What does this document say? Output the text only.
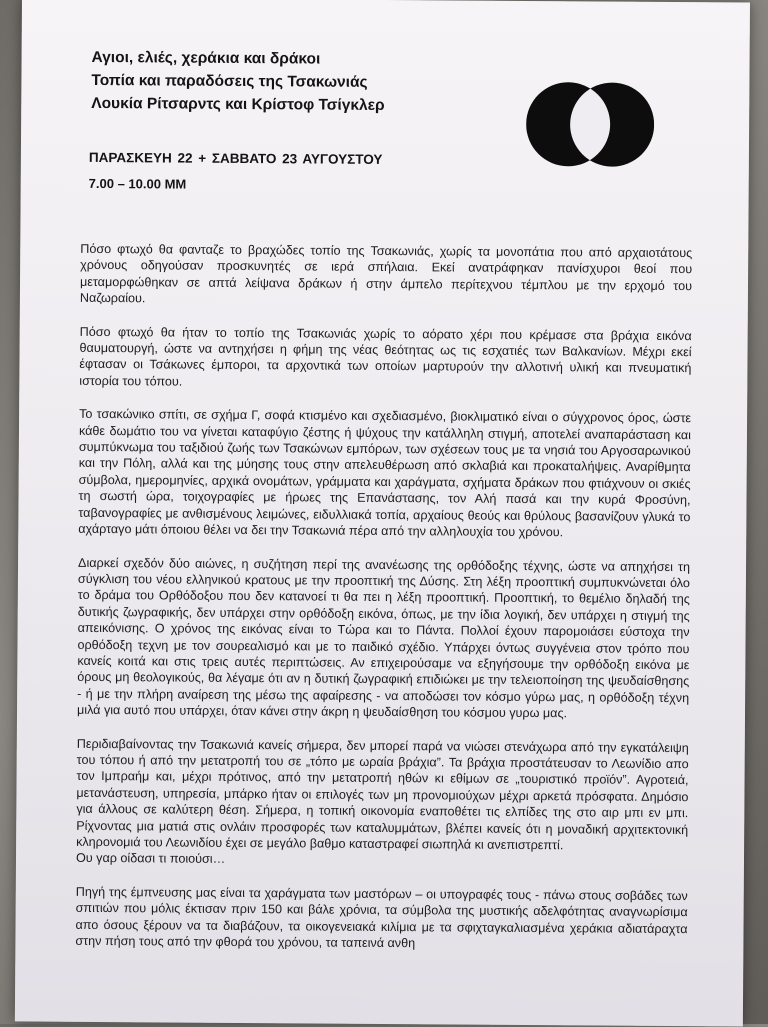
Αγιοι, ελιές, χεράκια και δράκοι
Τοπία και παραδόσεις της Τσακωνιάς
Λουκία Ρίτσαρντς και Κρίστοφ Τσίγκλερ
ΠΑΡΑΣΚΕΥΗ 22 + ΣΑΒΒΑΤΟ 23 ΑΥΓΟΥΣΤΟΥ
7.00 – 10.00 ΜΜ

Πόσο φτωχό θα φανταζε το βραχώδες τοπίο της Τσακωνιάς, χωρίς τα μονοπάτια που από αρχαιοτάτους χρόνους οδηγούσαν προσκυνητές σε ιερά σπήλαια. Εκεί ανατράφηκαν πανίσχυροι θεοί που μεταμορφώθηκαν σε απτά λείψανα δράκων ή στην άμπελο περίτεχνου τέμπλου με την ερχομό του Ναζωραίου.

Πόσο φτωχό θα ήταν το τοπίο της Τσακωνιάς χωρίς το αόρατο χέρι που κρέμασε στα βράχια εικόνα θαυματουργή, ώστε να αντηχήσει η φήμη της νέας θεότητας ως τις εσχατιές των Βαλκανίων. Μέχρι εκεί έφτασαν οι Τσάκωνες έμποροι, τα αρχοντικά των οποίων μαρτυρούν την αλλοτινή υλική και πνευματική ιστορία του τόπου.

Το τσακώνικο σπίτι, σε σχήμα Γ, σοφά κτισμένο και σχεδιασμένο, βιοκλιματικό είναι ο σύγχρονος όρος, ώστε κάθε δωμάτιο του να γίνεται καταφύγιο ζέστης ή ψύχους την κατάλληλη στιγμή, αποτελεί αναπαράσταση και συμπύκνωμα του ταξιδιού ζωής των Τσακώνων εμπόρων, των σχέσεων τους με τα νησιά του Αργοσαρωνικού και την Πόλη, αλλά και της μύησης τους στην απελευθέρωση από σκλαβιά και προκαταλήψεις. Αναρίθμητα σύμβολα, ημερομηνίες, αρχικά ονομάτων, γράμματα και χαράγματα, σχήματα δράκων που φτιάχνουν οι σκιές τη σωστή ώρα, τοιχογραφίες με ήρωες της Επανάστασης, τον Αλή πασά και την κυρά Φροσύνη, ταβανογραφίες με ανθισμένους λειμώνες, ειδυλλιακά τοπία, αρχαίους θεούς και θρύλους βασανίζουν γλυκά το αχάρταγο μάτι όποιου θέλει να δει την Τσακωνιά πέρα από την αλληλουχία του χρόνου.

Διαρκεί σχεδόν δύο αιώνες, η συζήτηση περί της ανανέωσης της ορθόδοξης τέχνης, ώστε να απηχήσει τη σύγκλιση του νέου ελληνικού κρατους με την προοπτική της Δύσης. Στη λέξη προοπτική συμπυκνώνεται όλο το δράμα του Ορθόδοξου που δεν κατανοεί τι θα πει η λέξη προοπτική. Προοπτική, το θεμέλιο δηλαδή της δυτικής ζωγραφικής, δεν υπάρχει στην ορθόδοξη εικόνα, όπως, με την ίδια λογική, δεν υπάρχει η στιγμή της απεικόνισης. Ο χρόνος της εικόνας είναι το Τώρα και το Πάντα. Πολλοί έχουν παρομοιάσει εύστοχα την ορθόδοξη τεχνη με τον σουρεαλισμό και με το παιδικό σχέδιο. Υπάρχει όντως συγγένεια στον τρόπο που κανείς κοιτά και στις τρεις αυτές περιπτώσεις. Αν επιχειρούσαμε να εξηγήσουμε την ορθόδοξη εικόνα με όρους μη θεολογικούς, θα λέγαμε ότι αν η δυτική ζωγραφική επιδιώκει με την τελειοποίηση της ψευδαίσθησης - ή με την πλήρη αναίρεση της μέσω της αφαίρεσης - να αποδώσει τον κόσμο γύρω μας, η ορθόδοξη τέχνη μιλά για αυτό που υπάρχει, όταν κάνει στην άκρη η ψευδαίσθηση του κόσμου γυρω μας.

Περιδιαβαίνοντας την Τσακωνιά κανείς σήμερα, δεν μπορεί παρά να νιώσει στενάχωρα από την εγκατάλειψη του τόπου ή από την μετατροπή του σε „τόπο με ωραία βράχια”. Τα βράχια προστάτευσαν το Λεωνίδιο απο τον Ιμπραήμ και, μέχρι πρότινος, από την μετατροπή ηθών κι εθίμων σε „τουριστικό προϊόν”. Αγροτειά, μετανάστευση, υπηρεσία, μπάρκο ήταν οι επιλογές των μη προνομιούχων μέχρι αρκετά πρόσφατα. Δημόσιο για άλλους σε καλύτερη θέση. Σήμερα, η τοπική οικονομία εναποθέτει τις ελπίδες της στο αιρ μπι εν μπι. Ρίχνοντας μια ματιά στις ονλάιν προσφορές των καταλυμμάτων, βλέπει κανείς ότι η μοναδική αρχιτεκτονική κληρονομιά του Λεωνιδίου έχει σε μεγάλο βαθμο καταστραφεί σιωπηλά κι ανεπιστρεπτί.
Ου γαρ οίδασι τι ποιούσι…

Πηγή της έμπνευσης μας είναι τα χαράγματα των μαστόρων – οι υπογραφές τους - πάνω στους σοβάδες των σπιτιών που μόλις έκτισαν πριν 150 και βάλε χρόνια, τα σύμβολα της μυστικής αδελφότητας αναγνωρίσιμα απο όσους ξέρουν να τα διαβάζουν, τα οικογενειακά κιλίμια με τα σφιχταγκαλιασμένα χεράκια αδιατάραχτα στην πήση τους από την φθορά του χρόνου, τα ταπεινά ανθη
